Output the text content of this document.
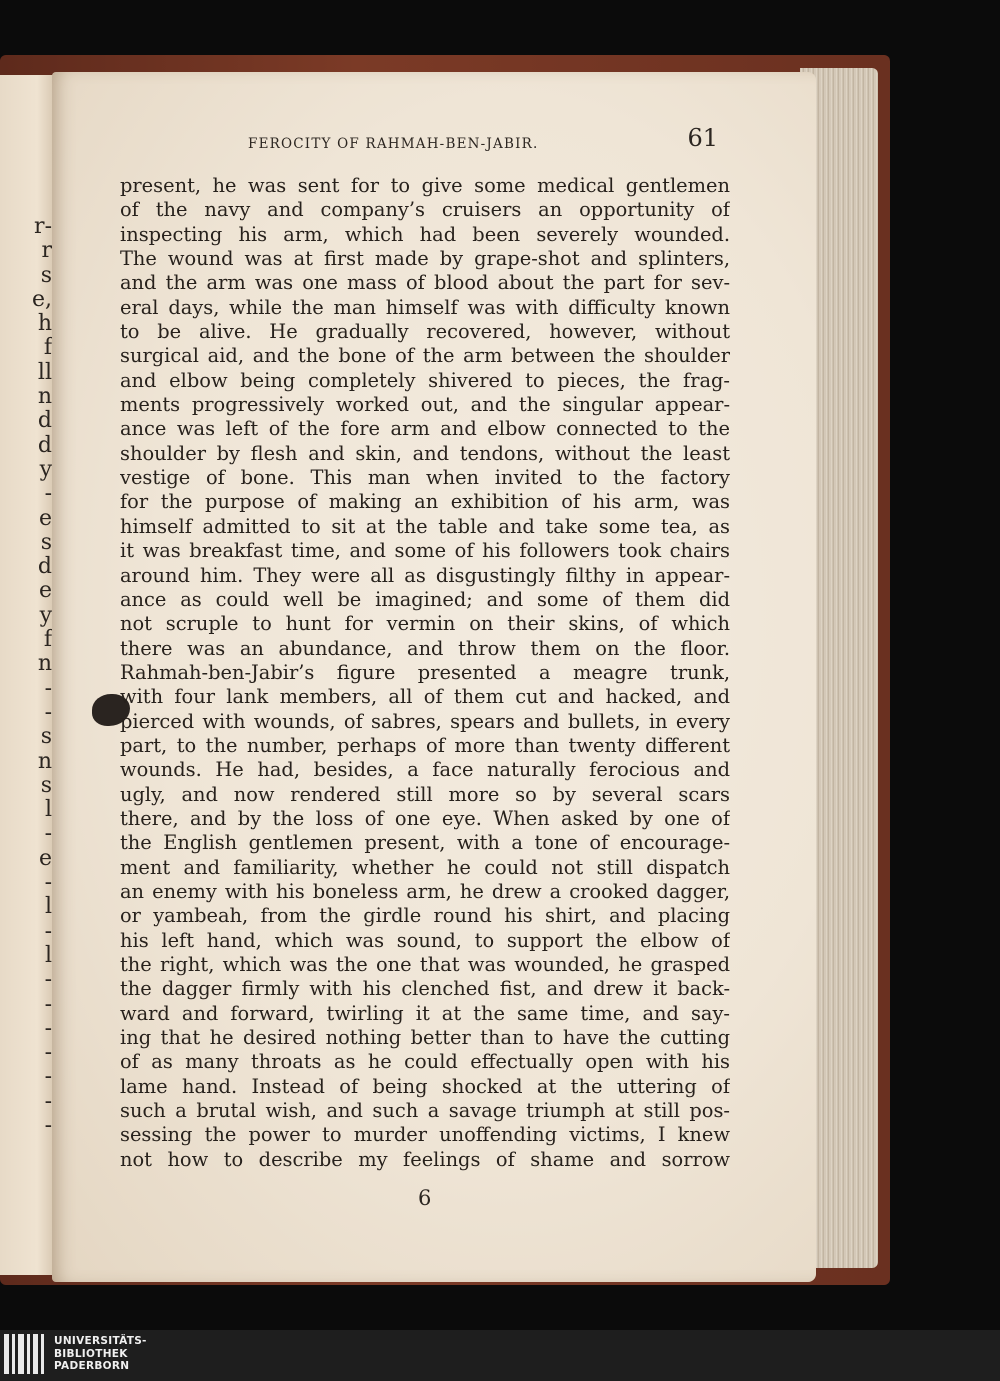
r-
r
s
e,
h
f
ll
n
d
d
y
-
e
s
d
e
y
f
n
-
-
s
n
s
l
-
e
-
l
-
l
-
-
-
-
-
-
-
FEROCITY OF RAHMAH-BEN-JABIR.	61
present, he was sent for to give some medical gentlemen
of the navy and company’s cruisers an opportunity of
inspecting his arm, which had been severely wounded.
The wound was at first made by grape-shot and splinters,
and the arm was one mass of blood about the part for sev-
eral days, while the man himself was with difficulty known
to be alive. He gradually recovered, however, without
surgical aid, and the bone of the arm between the shoulder
and elbow being completely shivered to pieces, the frag-
ments progressively worked out, and the singular appear-
ance was left of the fore arm and elbow connected to the
shoulder by flesh and skin, and tendons, without the least
vestige of bone. This man when invited to the factory
for the purpose of making an exhibition of his arm, was
himself admitted to sit at the table and take some tea, as
it was breakfast time, and some of his followers took chairs
around him. They were all as disgustingly filthy in appear-
ance as could well be imagined; and some of them did
not scruple to hunt for vermin on their skins, of which
there was an abundance, and throw them on the floor.
Rahmah-ben-Jabir’s figure presented a meagre trunk,
with four lank members, all of them cut and hacked, and
pierced with wounds, of sabres, spears and bullets, in every
part, to the number, perhaps of more than twenty different
wounds. He had, besides, a face naturally ferocious and
ugly, and now rendered still more so by several scars
there, and by the loss of one eye. When asked by one of
the English gentlemen present, with a tone of encourage-
ment and familiarity, whether he could not still dispatch
an enemy with his boneless arm, he drew a crooked dagger,
or yambeah, from the girdle round his shirt, and placing
his left hand, which was sound, to support the elbow of
the right, which was the one that was wounded, he grasped
the dagger firmly with his clenched fist, and drew it back-
ward and forward, twirling it at the same time, and say-
ing that he desired nothing better than to have the cutting
of as many throats as he could effectually open with his
lame hand. Instead of being shocked at the uttering of
such a brutal wish, and such a savage triumph at still pos-
sessing the power to murder unoffending victims, I knew
not how to describe my feelings of shame and sorrow
6
UNIVERSITÄTS-
BIBLIOTHEK
PADERBORN
